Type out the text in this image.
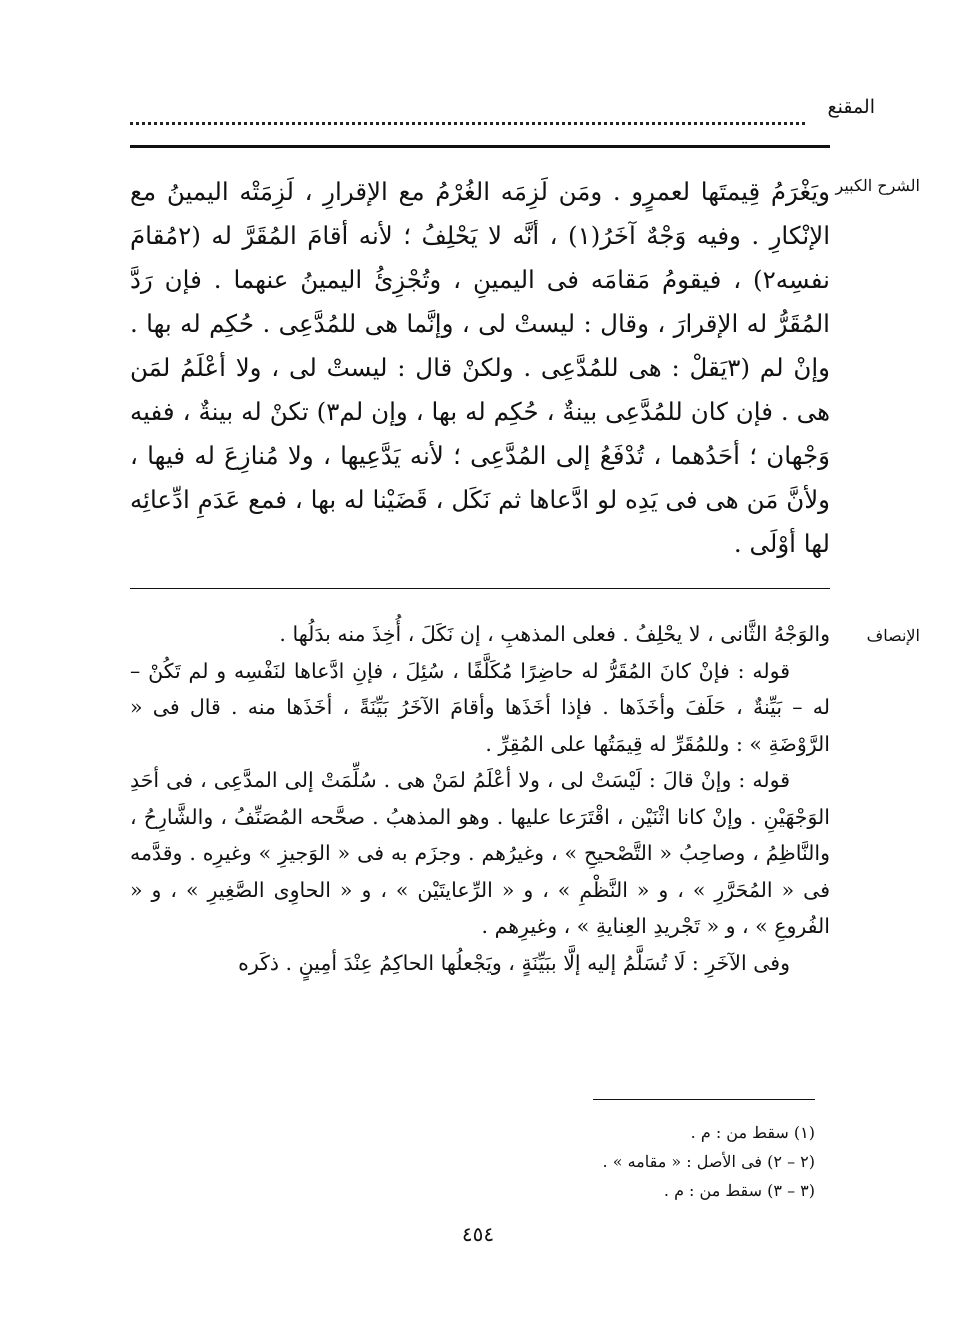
المقنع
الشرح الكبير

ويَغْرَمُ قِيمتَها لعمرٍو . ومَن لَزِمَه الغُرْمُ مع الإقرارِ ، لَزِمَتْه اليمينُ مع الإنْكارِ . وفيه وَجْهٌ آخَرُ(١) ، أنَّه لا يَحْلِفُ ؛ لأنه أقامَ المُقَرَّ له (٢مُقامَ نفسِه٢) ، فيقومُ مَقامَه فى اليمينِ ، وتُجْزِئُ اليمينُ عنهما . فإن رَدَّ المُقَرُّ له الإقرارَ ، وقال : ليستْ لى ، وإنَّما هى للمُدَّعِى . حُكِم له بها . وإنْ لم (٣يَقلْ : هى للمُدَّعِى . ولكنْ قال : ليستْ لى ، ولا أعْلَمُ لمَن هى . فإن كان للمُدَّعِى بينةٌ ، حُكِم له بها ، وإن لم٣) تكنْ له بينةٌ ، ففيه وَجْهان ؛ أحَدُهما ، تُدْفَعُ إلى المُدَّعِى ؛ لأنه يَدَّعِيها ، ولا مُنازِعَ له فيها ، ولأنَّ مَن هى فى يَدِه لو ادَّعاها ثم نَكَل ، قَضَيْنا له بها ، فمع عَدَمِ ادِّعائِه لها أوْلَى .

الإنصاف

والوَجْهُ الثَّانى ، لا يحْلِفُ . فعلى المذهبِ ، إن نَكَلَ ، أُخِذَ منه بدَلُها .

قوله : فإنْ كانَ المُقَرُّ له حاضِرًا مُكَلَّفًا ، سُئِلَ ، فإنِ ادَّعاها لنَفْسِه و لم تَكُنْ – له – بَيِّنةٌ ، حَلَفَ وأخَذَها . فإذا أخَذَها وأقامَ الآخَرُ بَيِّنَةً ، أخَذَها منه . قال فى « الرَّوْضَةِ » : وللمُقَرِّ له قِيمَتُها على المُقِرِّ .

قوله : وإنْ قالَ : لَيْسَتْ لى ، ولا أعْلَمُ لمَنْ هى . سُلِّمَتْ إلى المدَّعِى ، فى أحَدِ الوَجْهَيْنِ . وإنْ كانا اثْنَيْن ، اقْتَرَعا عليها . وهو المذهبُ . صحَّحه المُصَنِّفُ ، والشَّارِحُ ، والنَّاظِمُ ، وصاحِبُ « التَّصْحيحِ » ، وغيرُهم . وجزَم به فى « الوَجيزِ » وغيرِه . وقدَّمه فى « المُحَرَّرِ » ، و « النَّظْمِ » ، و « الرِّعايتَيْن » ، و « الحاوِى الصَّغِيرِ » ، و « الفُروعِ » ، و « تَجْريدِ العِنايةِ » ، وغيرِهم .

وفى الآخَرِ : لَا تُسَلَّمُ إليه إلَّا ببَيِّنَةٍ ، ويَجْعلُها الحاكِمُ عِنْدَ أمِينٍ . ذكَره

(١) سقط من : م .
(٢ – ٢) فى الأصل : « مقامه » .
(٣ – ٣) سقط من : م .
٤٥٤
